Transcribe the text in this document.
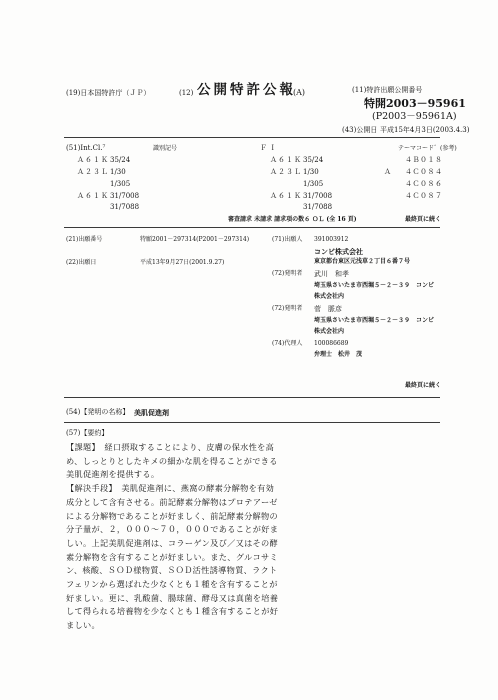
(19)日本国特許庁（ＪＰ）	(12) 公開特許公報
(A)	(11)特許出願公開番号
特開2003－95961
(P2003－95961A)
(43)公開日 平成15年4月3日(2003.4.3)
(51)Int.Cl.⁷	識別記号	Ｆ Ｉ	テーマコード゛(参考)
Ａ６１Ｋ 35/24	Ａ６１Ｋ 35/24	４Ｂ０１８
Ａ２３Ｌ 1/30	Ａ２３Ｌ 1/30	Ａ ４Ｃ０８４
1/305	1/305	４Ｃ０８６
Ａ６１Ｋ 31/7008	Ａ６１Ｋ 31/7008	４Ｃ０８７
31/7088	31/7088
審査請求 未請求 請求項の数６ ＯＬ (全 16 頁)	最終頁に続く
(21)出願番号	特願2001－297314(P2001－297314)
(22)出願日	平成13年9月27日(2001.9.27)
(71)出願人 391003912
コンビ株式会社
東京都台東区元浅草２丁目６番７号
(72)発明者 武川　和孝
埼玉県さいたま市西堀５－２－３９　コンビ
株式会社内
(72)発明者 菅　脈彦
埼玉県さいたま市西堀５－２－３９　コンビ
株式会社内
(74)代理人 100086689
弁理士　松井　茂
最終頁に続く
(54)【発明の名称】 美肌促進剤
(57)【要約】

【課題】　経口摂取することにより、皮膚の保水性を高

め、しっとりとしたキメの細かな肌を得ることができる

美肌促進剤を提供する。

【解決手段】　美肌促進剤に、燕窩の酵素分解物を有効

成分として含有させる。前記酵素分解物はプロテアーゼ

による分解物であることが好ましく、前記酵素分解物の

分子量が、２，０００～７０，０００であることが好ま

しい。上記美肌促進剤は、コラーゲン及び／又はその酵

素分解物を含有することが好ましい。また、グルコサミ

ン、核酸、ＳＯＤ様物質、ＳＯＤ活性誘導物質、ラクト

フェリンから選ばれた少なくとも１種を含有することが

好ましい。更に、乳酸菌、腸球菌、酵母又は真菌を培養

して得られる培養物を少なくとも１種含有することが好

ましい。
